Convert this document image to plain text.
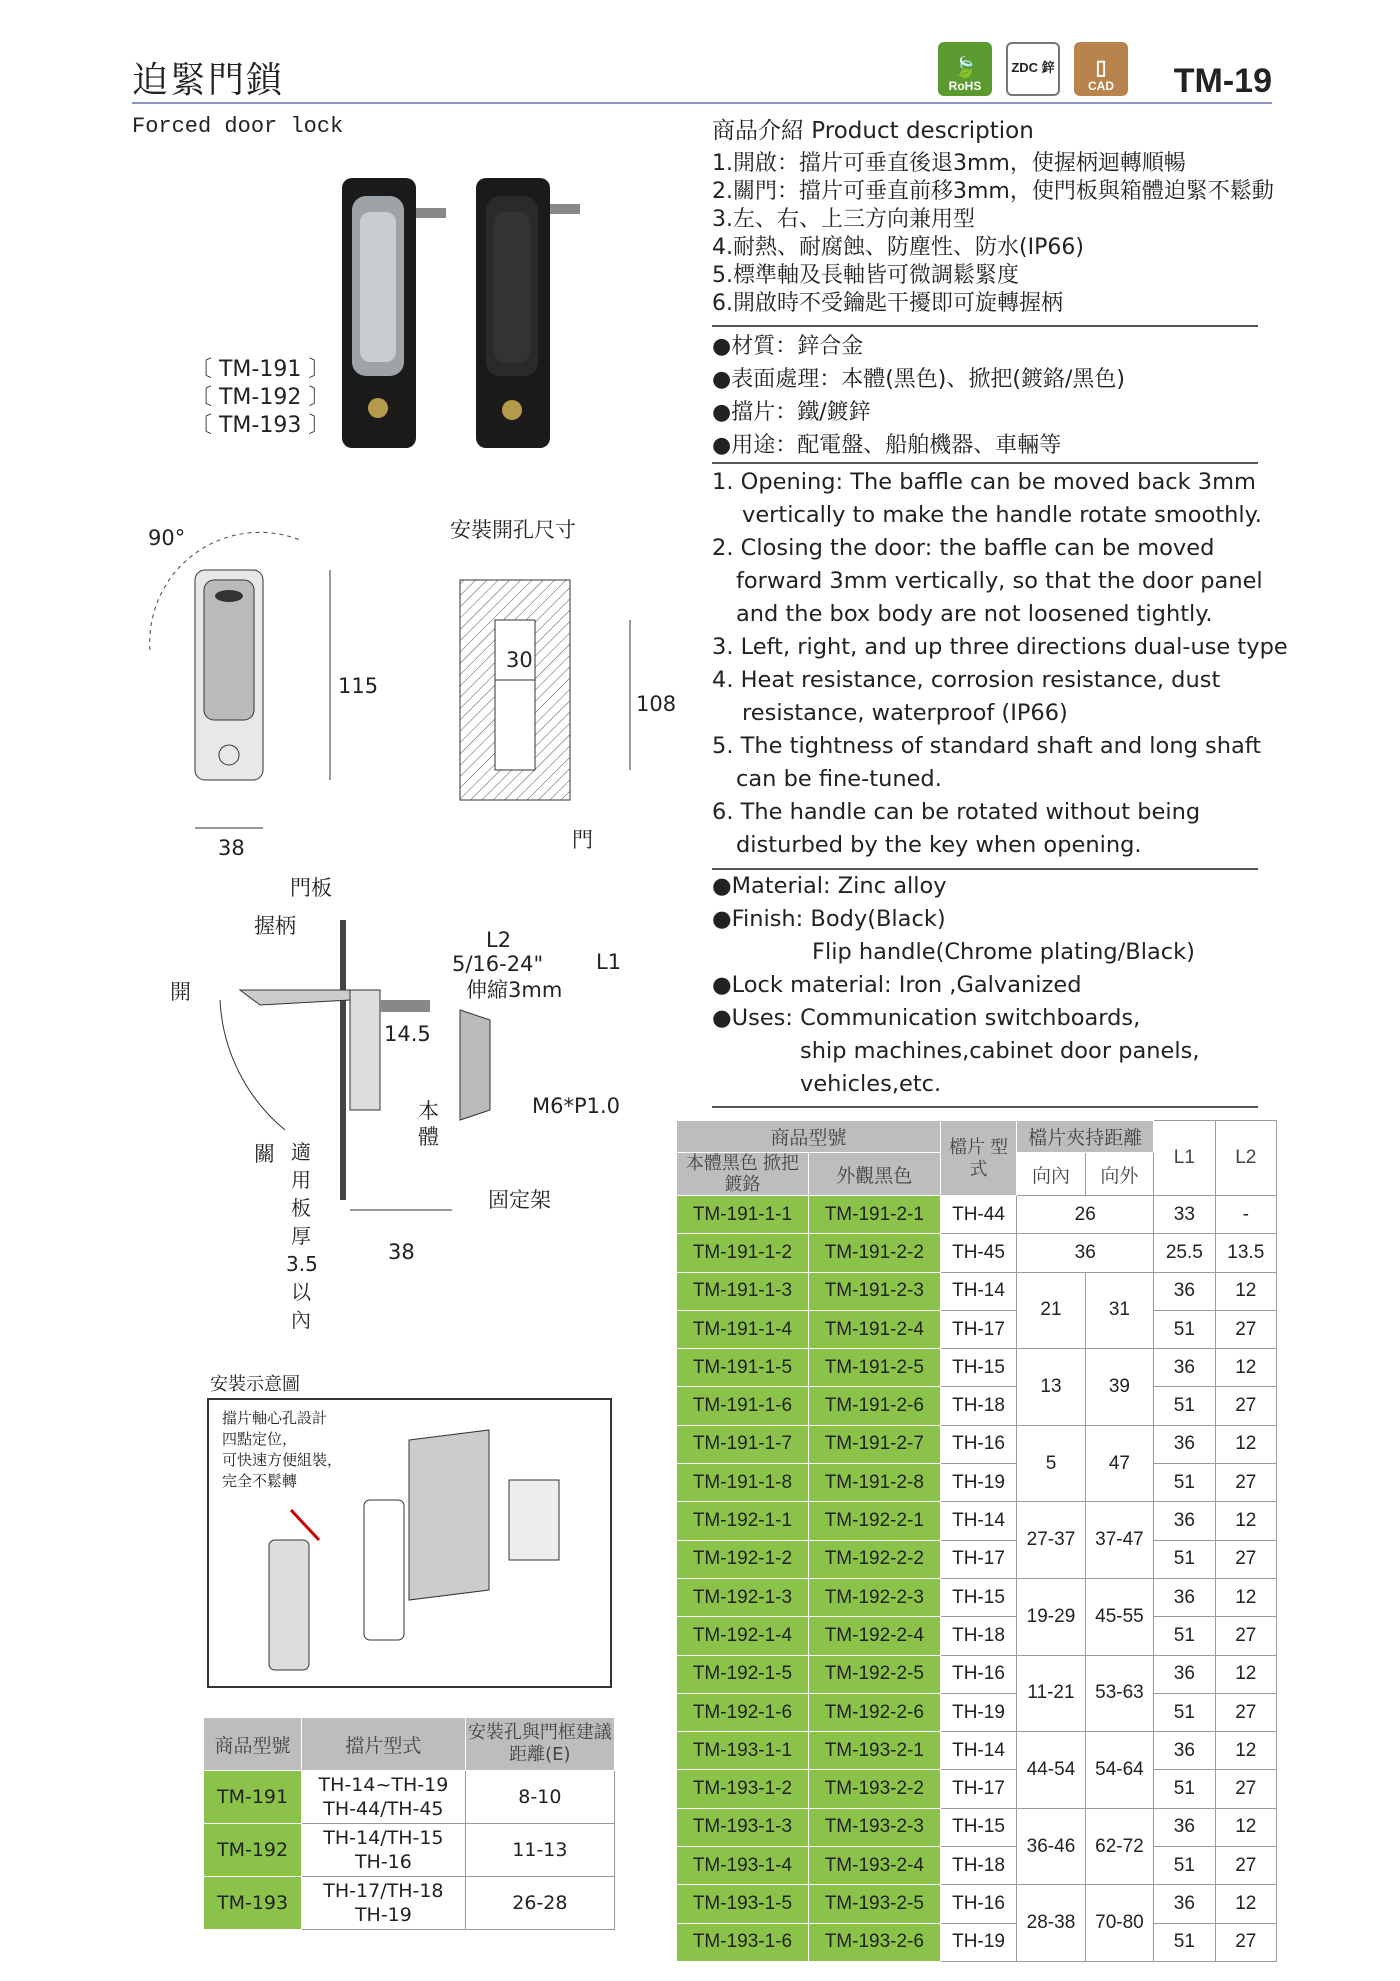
迫緊門鎖
Forced door lock
🍃
RoHS
ZDC 鋅 ▯
CAD TM-19
〔 TM-191 〕
〔 TM-192 〕
〔 TM-193 〕
90°
115
38
安裝開孔尺寸
30
108
門
門板
握柄
開
關 適
用
板
厚
3.5
以
內
L2
5/16-24"
伸縮3mm
L1
14.5
本
體
M6*P1.0
固定架
38
安裝示意圖
擋片軸心孔設計
四點定位，
可快速方便組裝，
完全不鬆轉
商品型號	擋片型式	安裝孔與門框建議距離(E)
TM-191	TH-14~TH-19
TH-44/TH-45	8-10
TM-192	TH-14/TH-15
TH-16	11-13
TM-193	TH-17/TH-18
TH-19	26-28
商品介紹 Product description
1.開啟：擋片可垂直後退3mm，使握柄迴轉順暢
2.關門：擋片可垂直前移3mm，使門板與箱體迫緊不鬆動
3.左、右、上三方向兼用型
4.耐熱、耐腐蝕、防塵性、防水(IP66)
5.標準軸及長軸皆可微調鬆緊度
6.開啟時不受鑰匙干擾即可旋轉握柄
●材質：鋅合金
●表面處理：本體(黑色)、掀把(鍍鉻/黑色)
●擋片：鐵/鍍鋅
●用途：配電盤、船舶機器、車輛等
1. Opening: The baffle can be moved back 3mm
vertically to make the handle rotate smoothly.
2. Closing the door: the baffle can be moved
forward 3mm vertically, so that the door panel
and the box body are not loosened tightly.
3. Left, right, and up three directions dual-use type
4. Heat resistance, corrosion resistance, dust
resistance, waterproof (IP66)
5. The tightness of standard shaft and long shaft
can be fine-tuned.
6. The handle can be rotated without being
disturbed by the key when opening.
●Material: Zinc alloy
●Finish: Body(Black)
Flip handle(Chrome plating/Black)
●Lock material: Iron ,Galvanized
●Uses: Communication switchboards,
ship machines,cabinet door panels,
vehicles,etc.
商品型號		檔片 型式	檔片夾持距離		L1	L2
本體黑色 掀把鍍鉻	外觀黑色		向內	向外		
TM-191-1-1	TM-191-2-1	TH-44	26		33	-
TM-191-1-2	TM-191-2-2	TH-45	36		25.5	13.5
TM-191-1-3	TM-191-2-3	TH-14	21	31	36	12
TM-191-1-4	TM-191-2-4	TH-17			51	27
TM-191-1-5	TM-191-2-5	TH-15	13	39	36	12
TM-191-1-6	TM-191-2-6	TH-18			51	27
TM-191-1-7	TM-191-2-7	TH-16	5	47	36	12
TM-191-1-8	TM-191-2-8	TH-19			51	27
TM-192-1-1	TM-192-2-1	TH-14	27-37	37-47	36	12
TM-192-1-2	TM-192-2-2	TH-17			51	27
TM-192-1-3	TM-192-2-3	TH-15	19-29	45-55	36	12
TM-192-1-4	TM-192-2-4	TH-18			51	27
TM-192-1-5	TM-192-2-5	TH-16	11-21	53-63	36	12
TM-192-1-6	TM-192-2-6	TH-19			51	27
TM-193-1-1	TM-193-2-1	TH-14	44-54	54-64	36	12
TM-193-1-2	TM-193-2-2	TH-17			51	27
TM-193-1-3	TM-193-2-3	TH-15	36-46	62-72	36	12
TM-193-1-4	TM-193-2-4	TH-18			51	27
TM-193-1-5	TM-193-2-5	TH-16	28-38	70-80	36	12
TM-193-1-6	TM-193-2-6	TH-19			51	27
